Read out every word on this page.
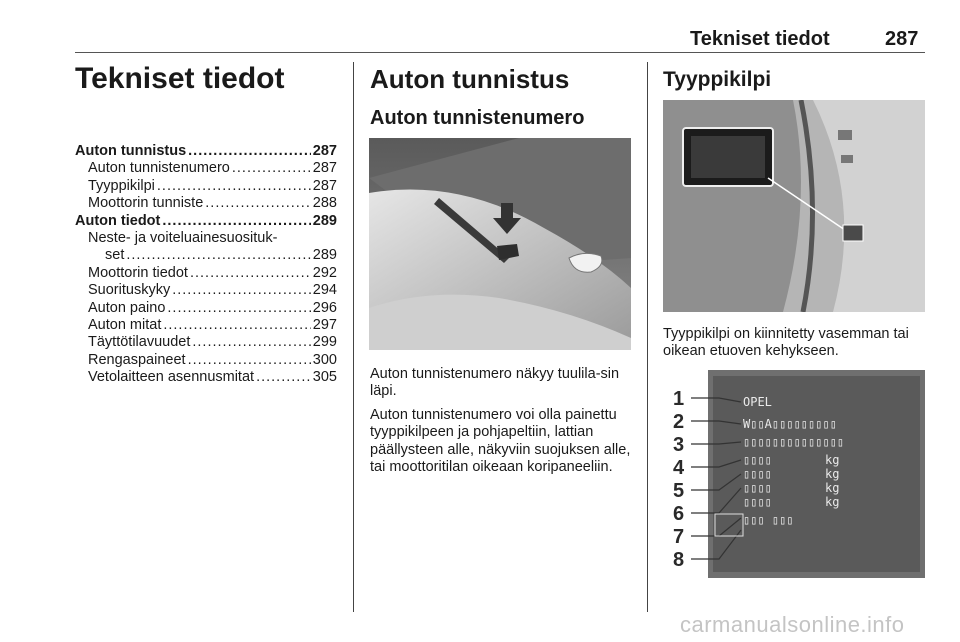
Tekniset tiedot	287
Tekniset tiedot
Auton tunnistus .....	287
Auton tunnistenumero .....	287
Tyyppikilpi .....	287
Moottorin tunniste .....	288
Auton tiedot .....	289
Neste- ja voiteluainesuosituk-
set .....	289
Moottorin tiedot .....	292
Suorituskyky .....	294
Auton paino .....	296
Auton mitat .....	297
Täyttötilavuudet .....	299
Rengaspaineet .....	300
Vetolaitteen asennusmitat .....	305
Auton tunnistus
Auton tunnistenumero

Auton tunnistenumero näkyy tuulila-sin läpi.

Auton tunnistenumero voi olla painettu tyyppikilpeen ja pohjapeltiin, lattian päällysteen alle, näkyviin suojuksen alle, tai moottoritilan oikeaan koripaneeliin.

Tyyppikilpi
Tyyppikilpi on kiinnitetty vasemman tai oikean etuoven kehykseen.
1
2
3
4
5
6
7
8
OPEL
W▯▯A▯▯▯▯▯▯▯▯▯
▯▯▯▯▯▯▯▯▯▯▯▯▯▯
▯▯▯▯
▯▯▯▯
▯▯▯▯
▯▯▯▯
kg
kg
kg
kg
▯▯▯ ▯▯▯
carmanualsonline.info
